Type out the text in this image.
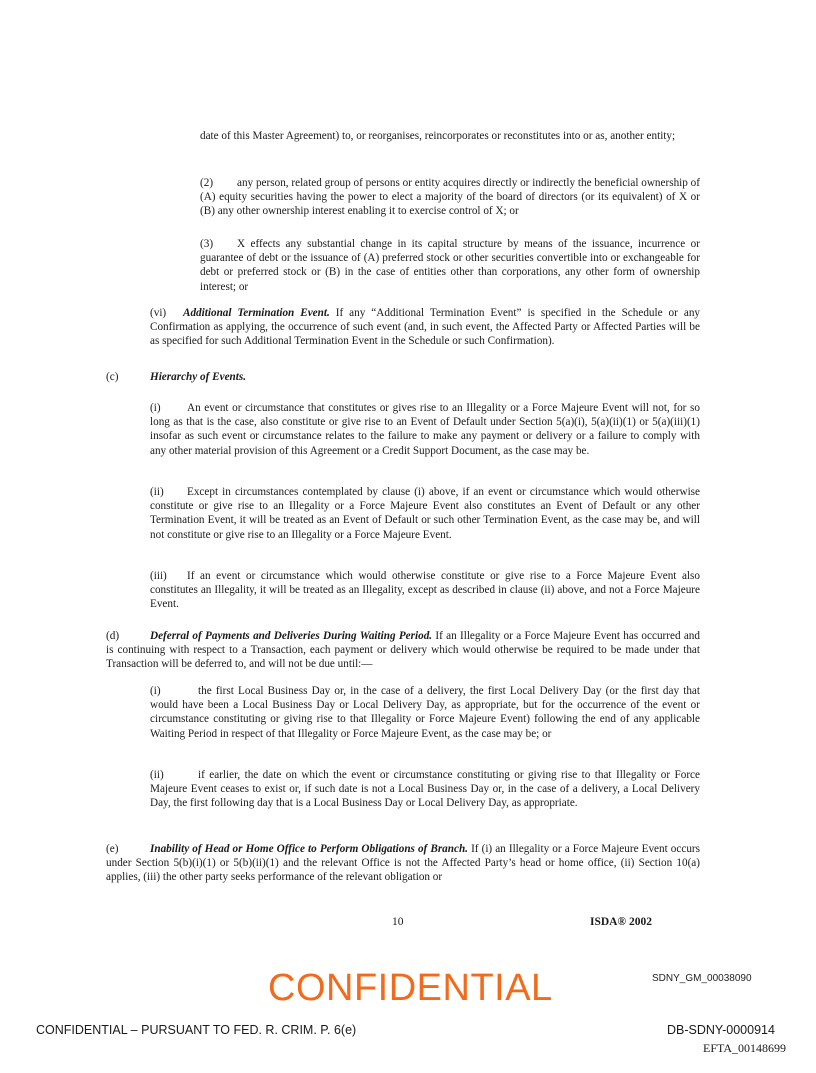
date of this Master Agreement) to, or reorganises, reincorporates or reconstitutes into or as, another entity;

(2) any person, related group of persons or entity acquires directly or indirectly the beneficial ownership of (A) equity securities having the power to elect a majority of the board of directors (or its equivalent) of X or (B) any other ownership interest enabling it to exercise control of X; or

(3) X effects any substantial change in its capital structure by means of the issuance, incurrence or guarantee of debt or the issuance of (A) preferred stock or other securities convertible into or exchangeable for debt or preferred stock or (B) in the case of entities other than corporations, any other form of ownership interest; or

(vi) Additional Termination Event. If any “Additional Termination Event” is specified in the Schedule or any Confirmation as applying, the occurrence of such event (and, in such event, the Affected Party or Affected Parties will be as specified for such Additional Termination Event in the Schedule or such Confirmation).

(c)	Hierarchy of Events.

(i) An event or circumstance that constitutes or gives rise to an Illegality or a Force Majeure Event will not, for so long as that is the case, also constitute or give rise to an Event of Default under Section 5(a)(i), 5(a)(ii)(1) or 5(a)(iii)(1) insofar as such event or circumstance relates to the failure to make any payment or delivery or a failure to comply with any other material provision of this Agreement or a Credit Support Document, as the case may be.

(ii) Except in circumstances contemplated by clause (i) above, if an event or circumstance which would otherwise constitute or give rise to an Illegality or a Force Majeure Event also constitutes an Event of Default or any other Termination Event, it will be treated as an Event of Default or such other Termination Event, as the case may be, and will not constitute or give rise to an Illegality or a Force Majeure Event.

(iii) If an event or circumstance which would otherwise constitute or give rise to a Force Majeure Event also constitutes an Illegality, it will be treated as an Illegality, except as described in clause (ii) above, and not a Force Majeure Event.

(d)	Deferral of Payments and Deliveries During Waiting Period. If an Illegality or a Force Majeure Event has occurred and is continuing with respect to a Transaction, each payment or delivery which would otherwise be required to be made under that Transaction will be deferred to, and will not be due until:—

(i)	the first Local Business Day or, in the case of a delivery, the first Local Delivery Day (or the first day that would have been a Local Business Day or Local Delivery Day, as appropriate, but for the occurrence of the event or circumstance constituting or giving rise to that Illegality or Force Majeure Event) following the end of any applicable Waiting Period in respect of that Illegality or Force Majeure Event, as the case may be; or

(ii)	if earlier, the date on which the event or circumstance constituting or giving rise to that Illegality or Force Majeure Event ceases to exist or, if such date is not a Local Business Day or, in the case of a delivery, a Local Delivery Day, the first following day that is a Local Business Day or Local Delivery Day, as appropriate.

(e)	Inability of Head or Home Office to Perform Obligations of Branch. If (i) an Illegality or a Force Majeure Event occurs under Section 5(b)(i)(1) or 5(b)(ii)(1) and the relevant Office is not the Affected Party’s head or home office, (ii) Section 10(a) applies, (iii) the other party seeks performance of the relevant obligation or

10	ISDA® 2002
SDNY_GM_00038090
CONFIDENTIAL
CONFIDENTIAL – PURSUANT TO FED. R. CRIM. P. 6(e)	DB-SDNY-0000914
EFTA_00148699
